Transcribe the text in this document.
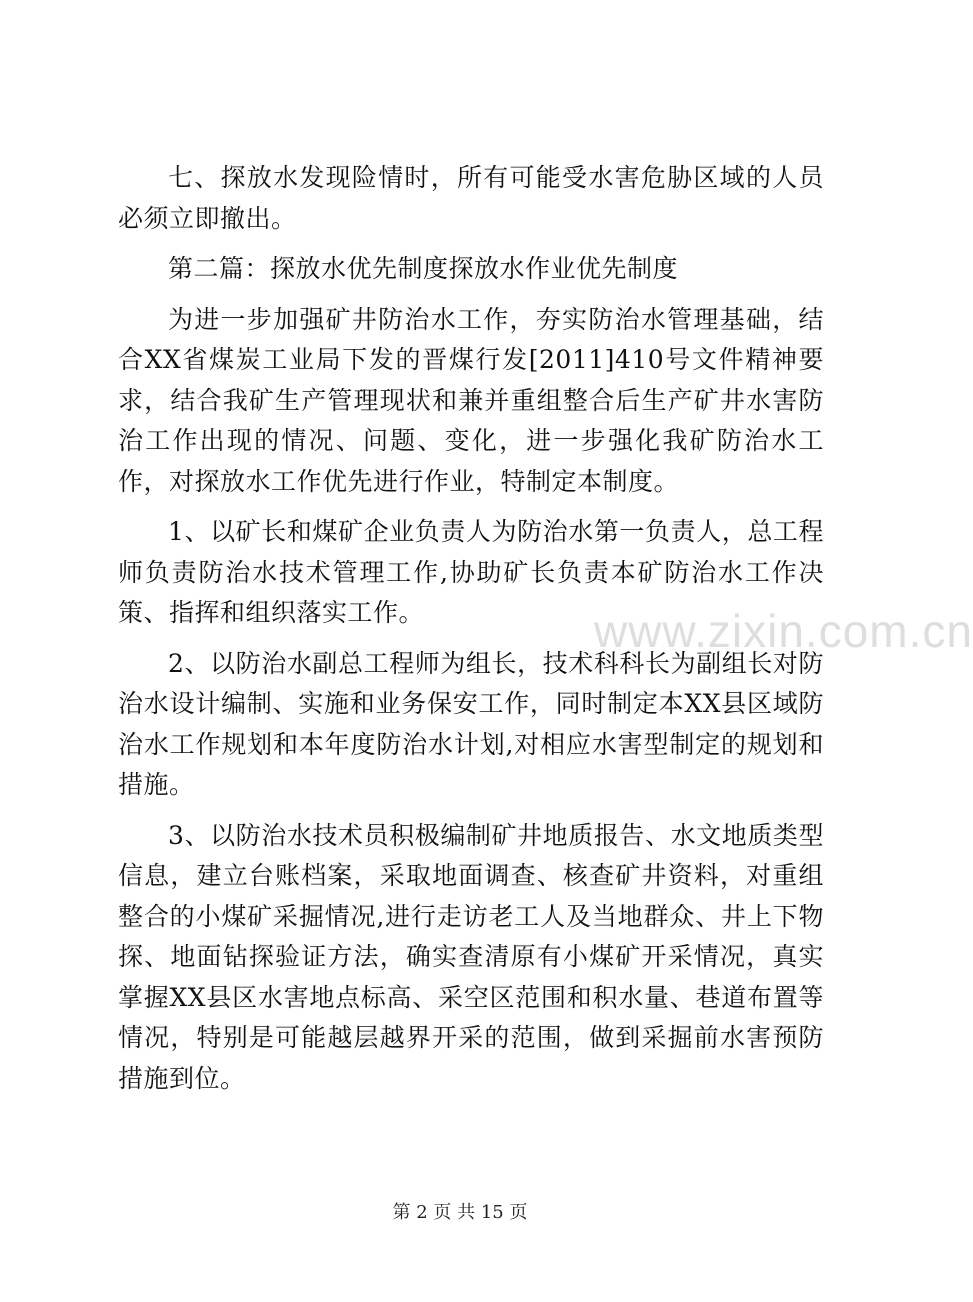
七、探放水发现险情时，所有可能受水害危胁区域的人员必须立即撤出。

第二篇：探放水优先制度探放水作业优先制度

为进一步加强矿井防治水工作，夯实防治水管理基础，结合XX省煤炭工业局下发的晋煤行发[2011]410号文件精神要求，结合我矿生产管理现状和兼并重组整合后生产矿井水害防治工作出现的情况、问题、变化，进一步强化我矿防治水工作，对探放水工作优先进行作业，特制定本制度。

1、以矿长和煤矿企业负责人为防治水第一负责人，总工程师负责防治水技术管理工作,协助矿长负责本矿防治水工作决策、指挥和组织落实工作。

2、以防治水副总工程师为组长，技术科科长为副组长对防治水设计编制、实施和业务保安工作，同时制定本XX县区域防治水工作规划和本年度防治水计划,对相应水害型制定的规划和措施。

3、以防治水技术员积极编制矿井地质报告、水文地质类型信息，建立台账档案，采取地面调查、核查矿井资料，对重组整合的小煤矿采掘情况,进行走访老工人及当地群众、井上下物探、地面钻探验证方法，确实查清原有小煤矿开采情况，真实掌握XX县区水害地点标高、采空区范围和积水量、巷道布置等情况，特别是可能越层越界开采的范围，做到采掘前水害预防措施到位。

www.zixin.com.cn
第 2 页 共 15 页
